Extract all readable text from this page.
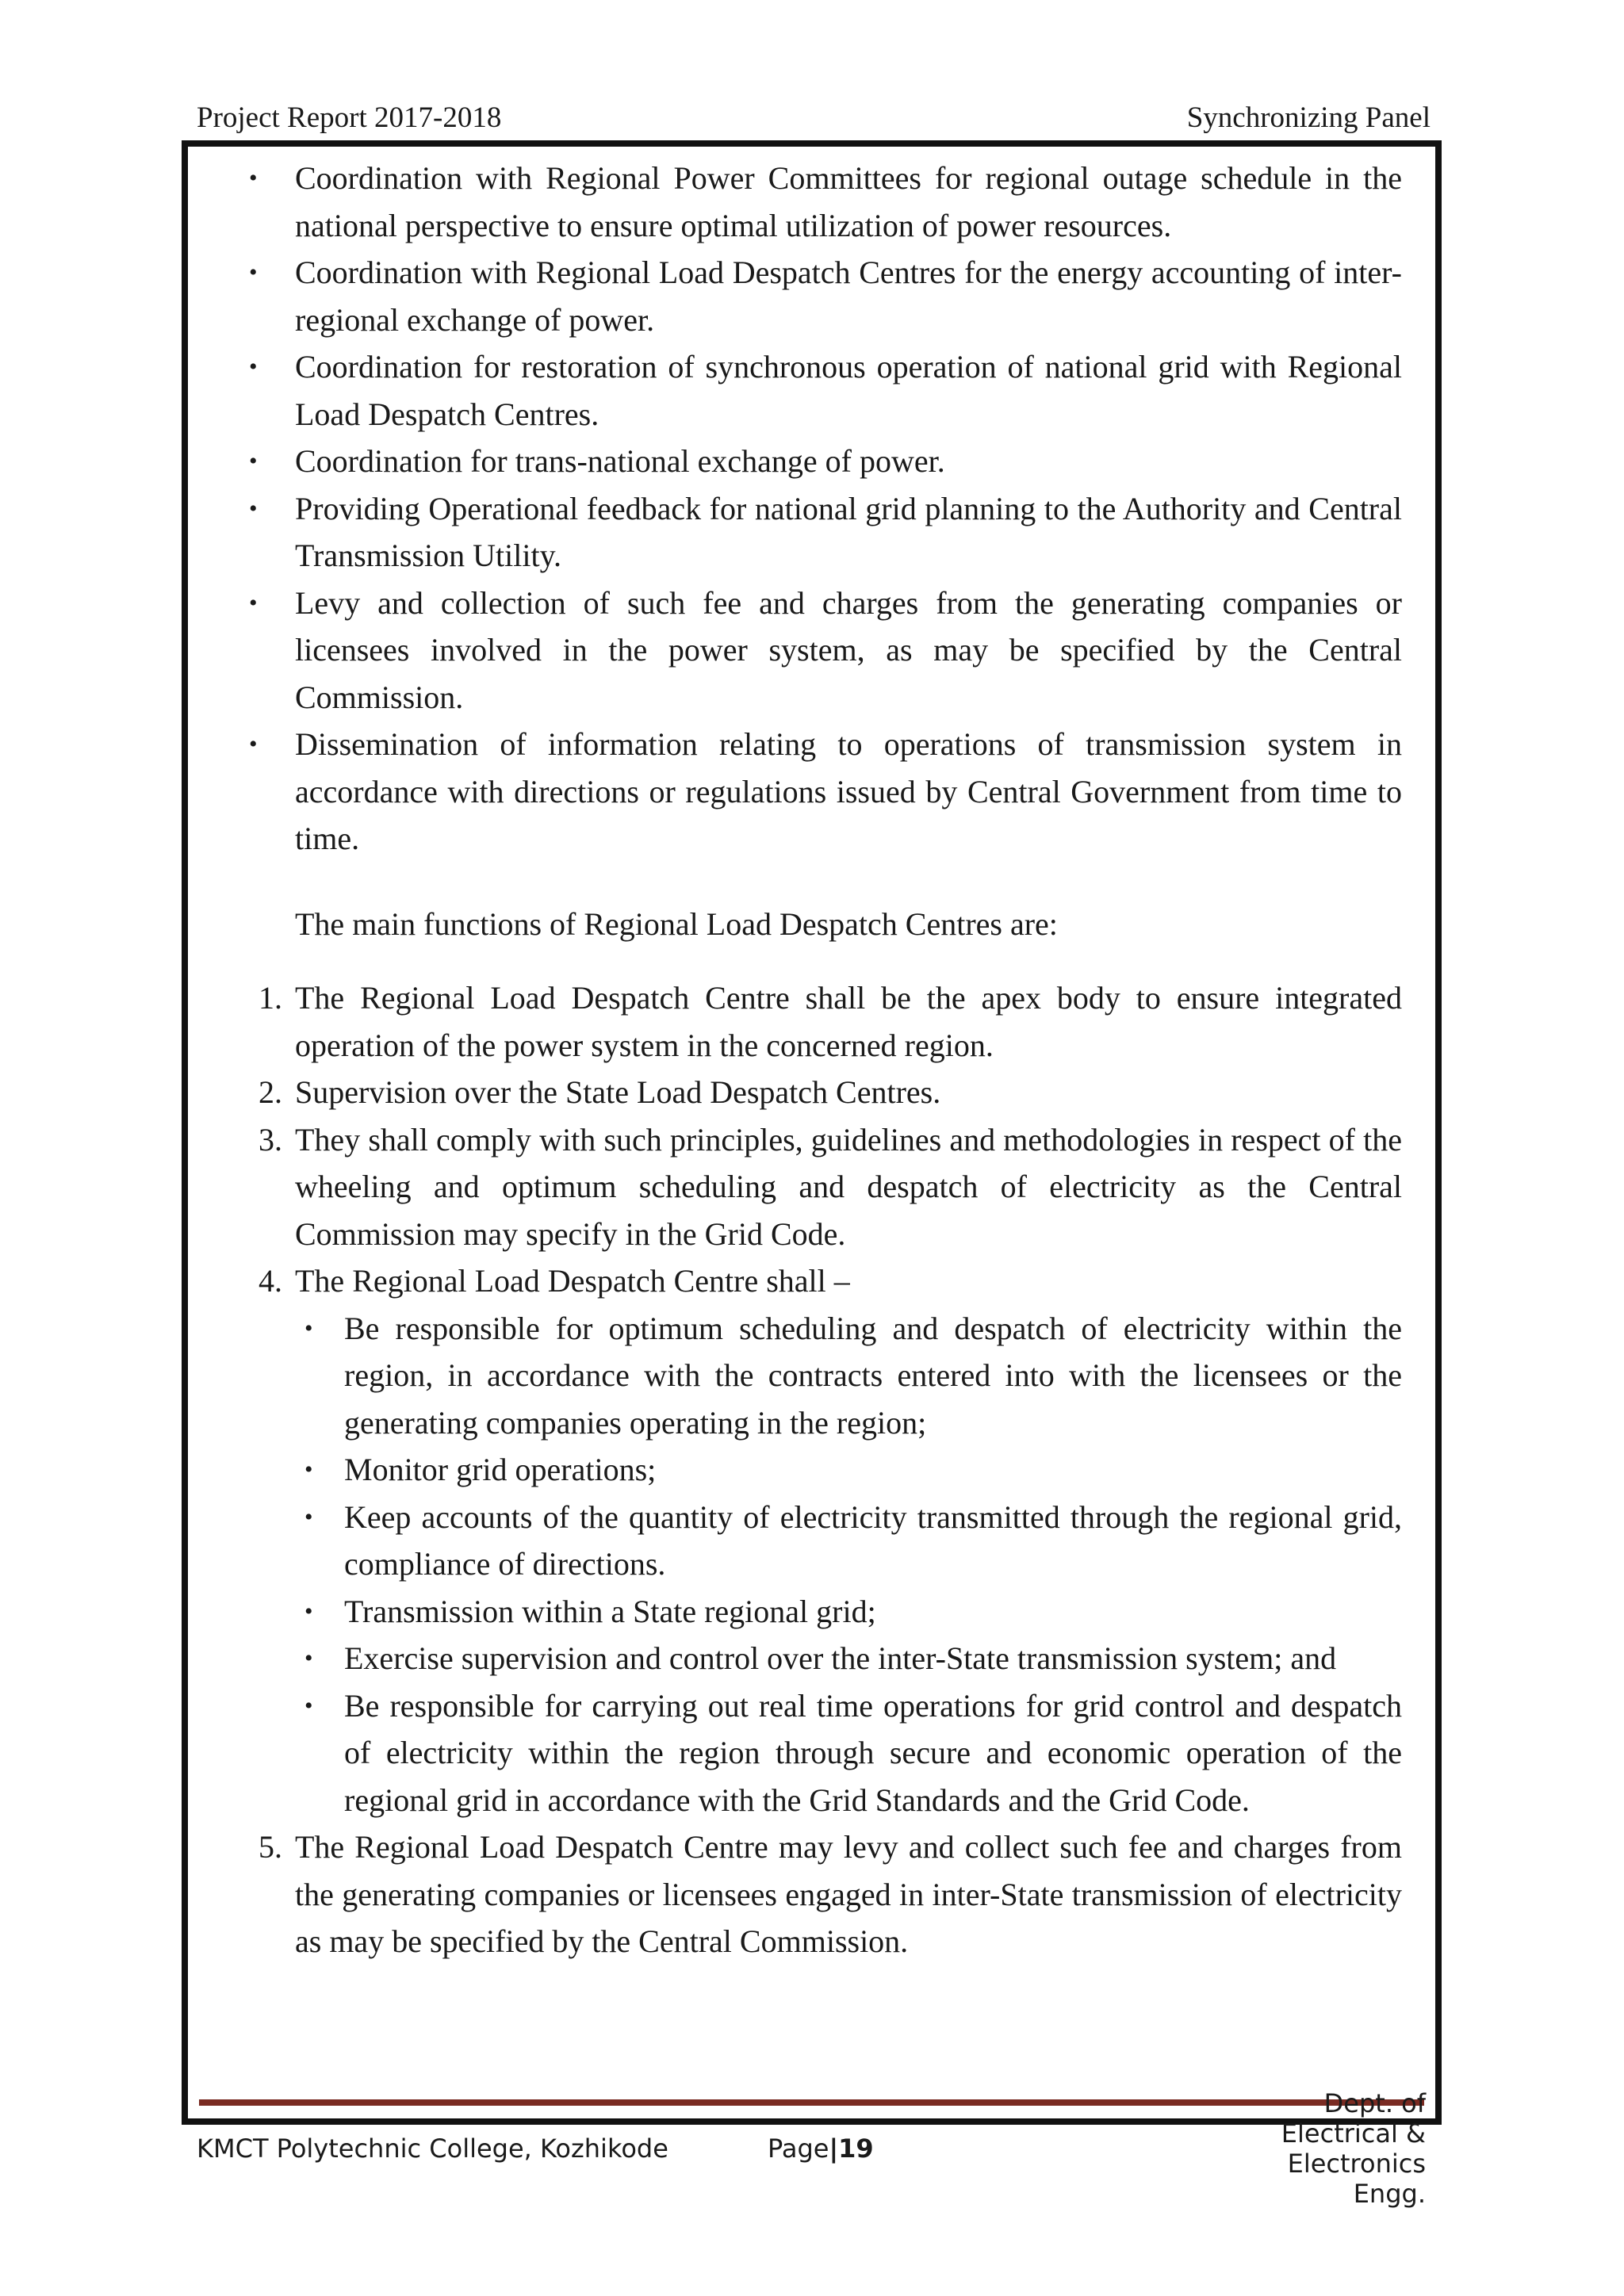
Project Report 2017-2018	Synchronizing Panel
•	Coordination with Regional Power Committees for regional outage schedule in the national perspective to ensure optimal utilization of power resources.
•	Coordination with Regional Load Despatch Centres for the energy accounting of inter-regional exchange of power.
•	Coordination for restoration of synchronous operation of national grid with Regional Load Despatch Centres.
•	Coordination for trans-national exchange of power.
•	Providing Operational feedback for national grid planning to the Authority and Central Transmission Utility.
•	Levy and collection of such fee and charges from the generating companies or licensees involved in the power system, as may be specified by the Central Commission.
•	Dissemination of information relating to operations of transmission system in accordance with directions or regulations issued by Central Government from time to time.
The main functions of Regional Load Despatch Centres are:
1. The Regional Load Despatch Centre shall be the apex body to ensure integrated operation of the power system in the concerned region.
2. Supervision over the State Load Despatch Centres.
3. They shall comply with such principles, guidelines and methodologies in respect of the wheeling and optimum scheduling and despatch of electricity as the Central Commission may specify in the Grid Code.
4. The Regional Load Despatch Centre shall –
• Be responsible for optimum scheduling and despatch of electricity within the region, in accordance with the contracts entered into with the licensees or the generating companies operating in the region;
• Monitor grid operations;
• Keep accounts of the quantity of electricity transmitted through the regional grid, compliance of directions.
• Transmission within a State regional grid;
• Exercise supervision and control over the inter-State transmission system; and
• Be responsible for carrying out real time operations for grid control and despatch of electricity within the region through secure and economic operation of the regional grid in accordance with the Grid Standards and the Grid Code.
5. The Regional Load Despatch Centre may levy and collect such fee and charges from the generating companies or licensees engaged in inter-State transmission of electricity as may be specified by the Central Commission.
KMCT Polytechnic College, Kozhikode	Page|19
Dept. of Electrical & Electronics Engg.
